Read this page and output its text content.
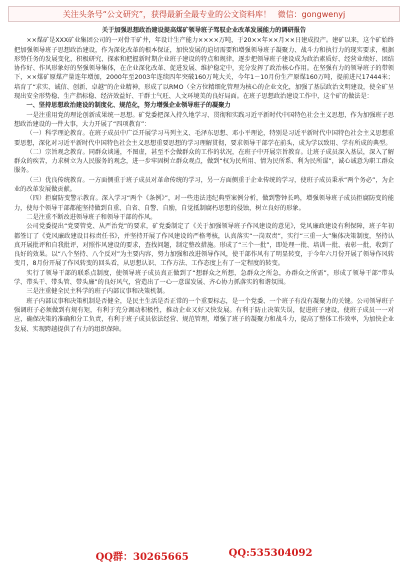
关注头条号“公文研究”，获得最新全最专业的公文资料库！
微信：gongwenyj

关于加强思想政治建设提高煤矿领导班子驾驭企业改革发展能力的调研报告

××煤矿是XXX矿业集团公司的一对骨干矿井，年设计生产能力××××万吨，于20××年××月××日建成投产。建矿以来，这个矿始终把加强领导班子思想政治建设，作为深化改革的根本保证，加快发展的迫切需要和增强领导班子凝聚力、战斗力和执行力的现实要求，根据形势任务的发展变化，积极研究、探索和把握新时期企业班子建设的特点和规律，逐步把领导班子建设成为政治素质好、经营业绩好、团结协作好、作风形象好的坚强领导集体，在企业深化改革、促进发展、维护稳定中，充分发挥了政治核心作用。在坚强有力的领导班子的带领下，××煤矿原煤产量连年增加，2000年至2003年连续四年突破160万吨大关，今年1－10月份生产原煤160万吨，提前进尺17444米；培育了“求实、诚信、创新、卓越”的企业精神，形成了以RMO（全方位精细化管理为核心的企业文化，加强了基层政治文明建设，使全矿呈现出安全形势稳、生产指标稳、经济效益好、干群士气旺、人文环境美的良好局面。在班子思想政治建设工作中，这个矿的做法是：

一、坚持思想政治建设的制度化、规范化，努力增强企业领导班子的凝聚力

一是注重用党的理论创新成果统一思想。矿党委把深入持久地学习、贯彻和实践习近平新时代中国特色社会主义思想，作为加强班子思想政治建设的一件大事，大力开展了“四项教育”：

（一）科学理论教育。在班子成员中广泛开展学习马列主义、毛泽东思想、邓小平理论，特别是习近平新时代中国特色社会主义思想重要思想，深化对习近平新时代中国特色社会主义思想重要思想的学习理解贯彻，要求领导干部学在前头，成为学以致用、学有所成的典型。

（二）宗旨观念教育。同群众谈通，不图虚，甚至不会做群众的工作的状况，在班子中开展宗旨教育。让班子成员深入基层，深入了解群众的疾苦，力求树立为人民服务的观念，进一步牢固树立群众观点，做到“权为民所用、情为民所系、利为民所谋”，诚心诚意为职工群众服务。

（三）优良传统教育。一方面侧重于班子成员对革命传统的学习，另一方面侧重于企业传统的学习，使班子成员秉承“两个务必”，为企业的改革发展做贡献。

（四）拒腐防变警示教育。深入学习“两个《条例》”，对一些违法违纪典型案例分析，做到警钟长鸣，增强领导班子成员拒腐防变的能力，使每个领导干部都能坚持做到自重、自省、自警、自励，自觉抵制腐朽思想的侵蚀，树立良好的形象。

二是注重不断改进领导班子和领导干部的作风。

公司党委提出“党要管党、从严治党”的要求，矿党委制定了《关于加强领导班子作风建设的意见》，党风廉政建设有利保障，班子年初都签订了《党风廉政建设目标责任书》，并坚持开展了作风建设的严格考核，认真落实“一岗双责”，实行“三重一大”集体决策制度，坚持认真开展批评和自我批评，对照作风建设的要求，查找问题，制定整改措施。形成了“三个一批”，即处理一批、培训一批、表彰一批，收到了良好的效果。以“八个坚持、八个反对”为主要内容，努力加强和改进领导作风，使干部作风有了明显转变，于今年六月份开展了领导作风转变月，8月份开展了作风转变的回头看，从思想认识、工作方法、工作态度上有了一定程度的转变。

实行了领导干部的联系点制度，使领导班子成员真正做到了“想群众之所想，急群众之所急，办群众之所需”，形成了领导干部“带头学、带头干、带头管、带头廉”的良好风气，营造出了一心一意谋发展、齐心协力抓落实的和谐氛围。

三是注重健全民主科学的班子内部议事和决策机制。

班子内部议事和决策机制是否健全，是民主生活是否正常的一个重要标志，是一个党委、一个班子有没有凝聚力的关键。公司领导班子强调班子必须做到有规有矩，有利于充分调动积极性，推动企业又好又快发展。有利于防止决策失误，促进班子建设，使班子成员一一对应，确保决策的准确和分工负责，有利于班子成员依法经营、规范管理，增强了班子的凝聚力和战斗力，提高了整体工作效率，为加快企业发展、实现跨越提供了有力的组织保障。

QQ群：30265665	QQ:535304092
